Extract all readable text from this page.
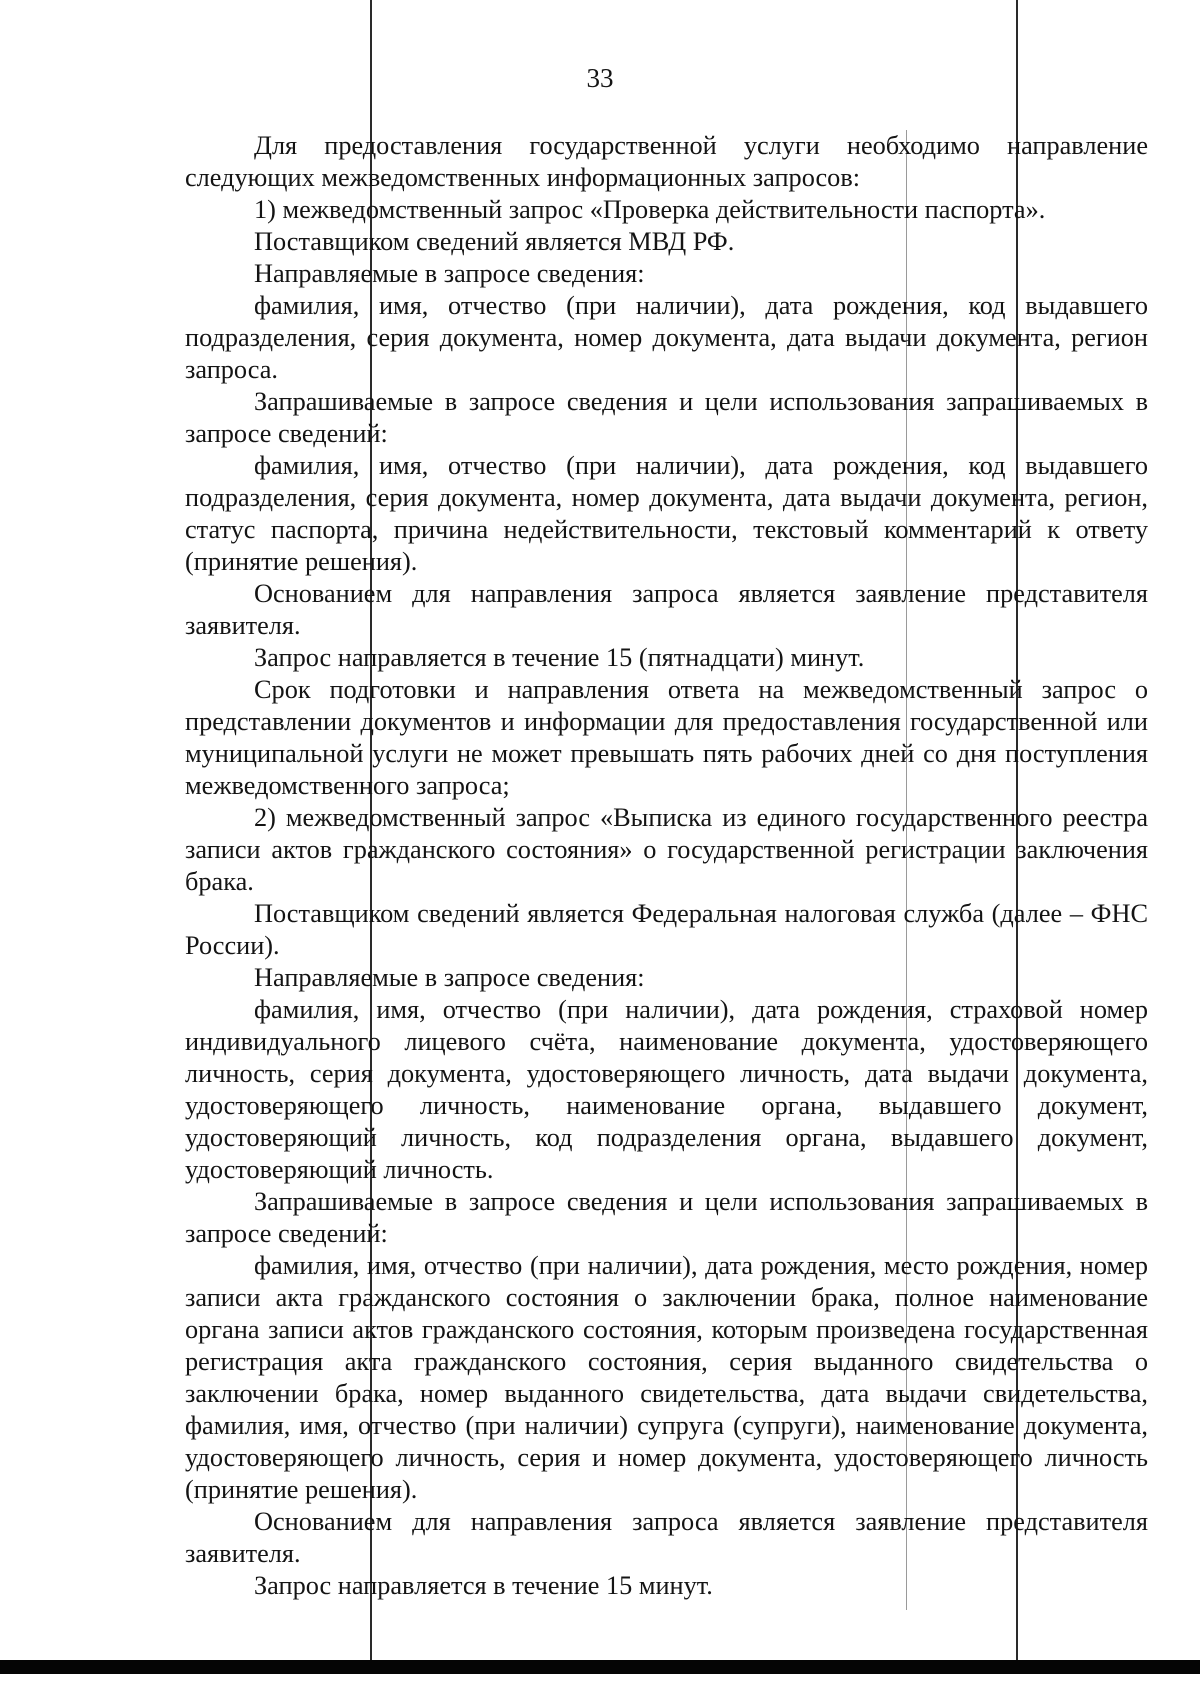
33

Для предоставления государственной услуги необходимо направление следующих межведомственных информационных запросов:

1) межведомственный запрос «Проверка действительности паспорта».

Поставщиком сведений является МВД РФ.

Направляемые в запросе сведения:

фамилия, имя, отчество (при наличии), дата рождения, код выдавшего подразделения, серия документа, номер документа, дата выдачи документа, регион запроса.

Запрашиваемые в запросе сведения и цели использования запрашиваемых в запросе сведений:

фамилия, имя, отчество (при наличии), дата рождения, код выдавшего подразделения, серия документа, номер документа, дата выдачи документа, регион, статус паспорта, причина недействительности, текстовый комментарий к ответу (принятие решения).

Основанием для направления запроса является заявление представителя заявителя.

Запрос направляется в течение 15 (пятнадцати) минут.

Срок подготовки и направления ответа на межведомственный запрос о представлении документов и информации для предоставления государственной или муниципальной услуги не может превышать пять рабочих дней со дня поступления межведомственного запроса;

2) межведомственный запрос «Выписка из единого государственного реестра записи актов гражданского состояния» о государственной регистрации заключения брака.

Поставщиком сведений является Федеральная налоговая служба (далее – ФНС России).

Направляемые в запросе сведения:

фамилия, имя, отчество (при наличии), дата рождения, страховой номер индивидуального лицевого счёта, наименование документа, удостоверяющего личность, серия документа, удостоверяющего личность, дата выдачи документа, удостоверяющего личность, наименование органа, выдавшего документ, удостоверяющий личность, код подразделения органа, выдавшего документ, удостоверяющий личность.

Запрашиваемые в запросе сведения и цели использования запрашиваемых в запросе сведений:

фамилия, имя, отчество (при наличии), дата рождения, место рождения, номер записи акта гражданского состояния о заключении брака, полное наименование органа записи актов гражданского состояния, которым произведена государственная регистрация акта гражданского состояния, серия выданного свидетельства о заключении брака, номер выданного свидетельства, дата выдачи свидетельства, фамилия, имя, отчество (при наличии) супруга (супруги), наименование документа, удостоверяющего личность, серия и номер документа, удостоверяющего личность (принятие решения).

Основанием для направления запроса является заявление представителя заявителя.

Запрос направляется в течение 15 минут.
